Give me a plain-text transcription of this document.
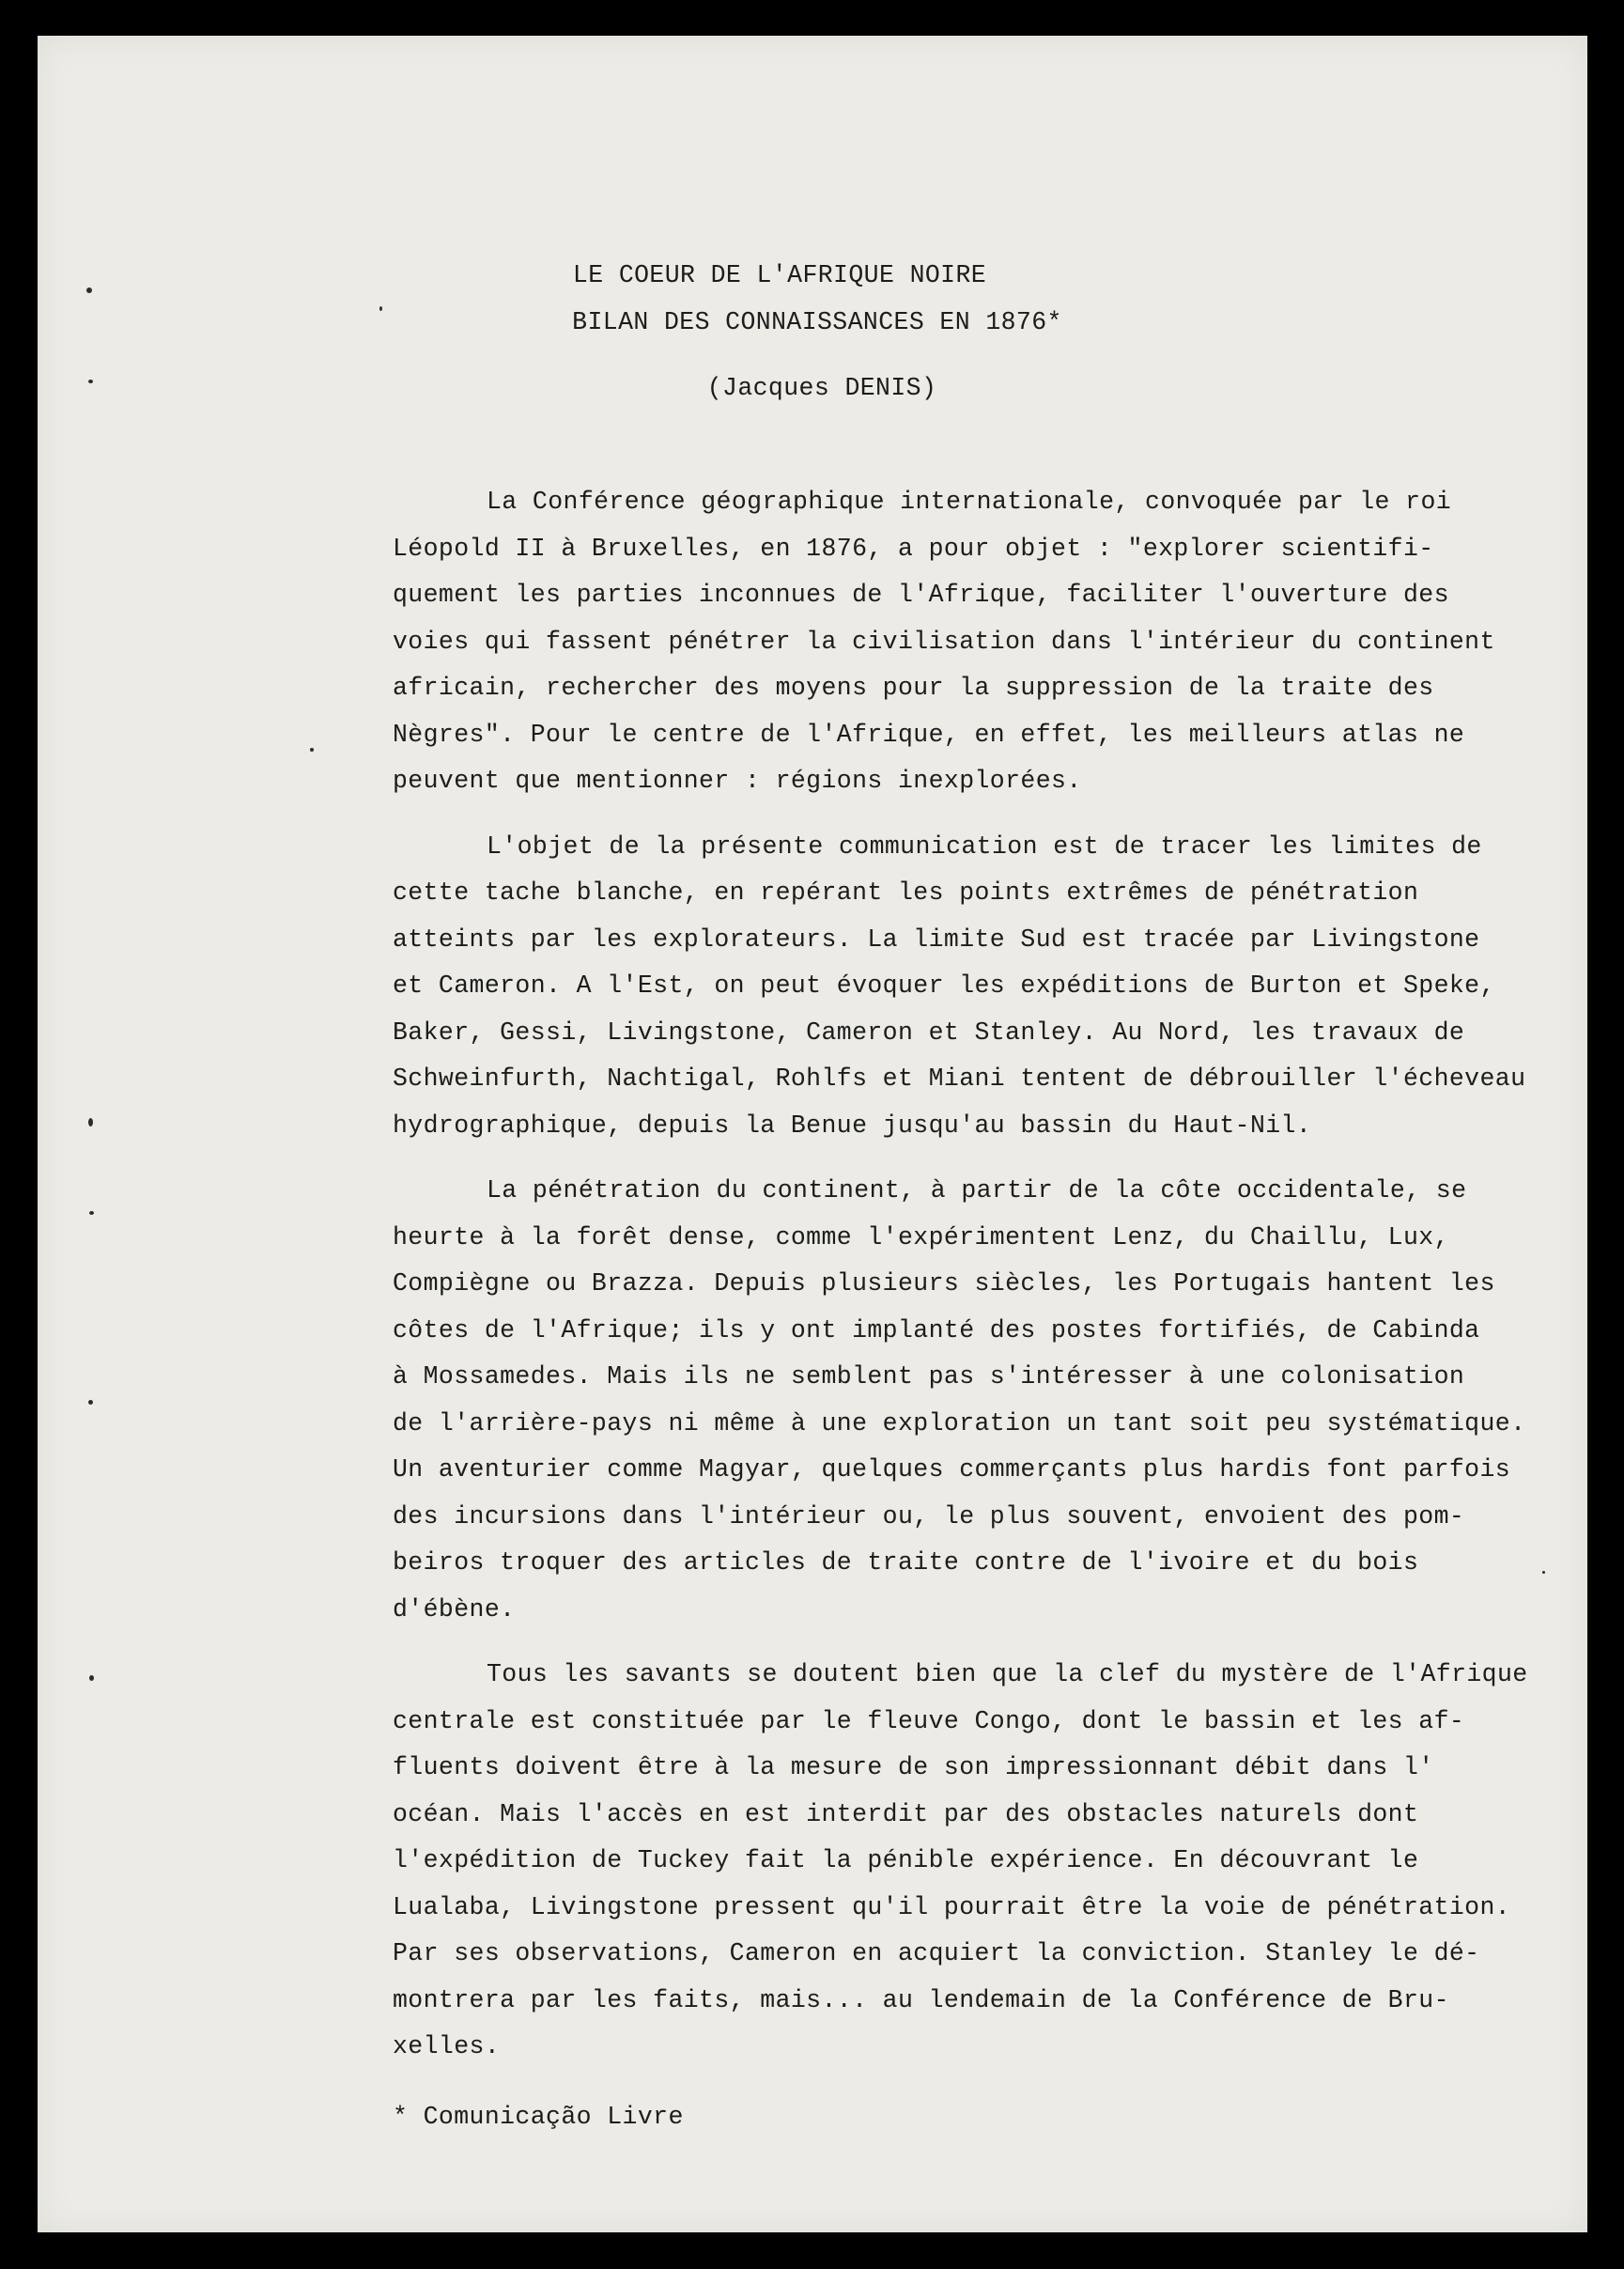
LE COEUR DE L'AFRIQUE NOIRE
BILAN DES CONNAISSANCES EN 1876*
(Jacques DENIS)
La Conférence géographique internationale, convoquée par le roi
Léopold II à Bruxelles, en 1876, a pour objet : "explorer scientifi-
quement les parties inconnues de l'Afrique, faciliter l'ouverture des
voies qui fassent pénétrer la civilisation dans l'intérieur du continent
africain, rechercher des moyens pour la suppression de la traite des
Nègres". Pour le centre de l'Afrique, en effet, les meilleurs atlas ne
peuvent que mentionner : régions inexplorées.
L'objet de la présente communication est de tracer les limites de
cette tache blanche, en repérant les points extrêmes de pénétration
atteints par les explorateurs. La limite Sud est tracée par Livingstone
et Cameron. A l'Est, on peut évoquer les expéditions de Burton et Speke,
Baker, Gessi, Livingstone, Cameron et Stanley. Au Nord, les travaux de
Schweinfurth, Nachtigal, Rohlfs et Miani tentent de débrouiller l'écheveau
hydrographique, depuis la Benue jusqu'au bassin du Haut-Nil.
La pénétration du continent, à partir de la côte occidentale, se
heurte à la forêt dense, comme l'expérimentent Lenz, du Chaillu, Lux,
Compiègne ou Brazza. Depuis plusieurs siècles, les Portugais hantent les
côtes de l'Afrique; ils y ont implanté des postes fortifiés, de Cabinda
à Mossamedes. Mais ils ne semblent pas s'intéresser à une colonisation
de l'arrière-pays ni même à une exploration un tant soit peu systématique.
Un aventurier comme Magyar, quelques commerçants plus hardis font parfois
des incursions dans l'intérieur ou, le plus souvent, envoient des pom-
beiros troquer des articles de traite contre de l'ivoire et du bois
d'ébène.
Tous les savants se doutent bien que la clef du mystère de l'Afrique
centrale est constituée par le fleuve Congo, dont le bassin et les af-
fluents doivent être à la mesure de son impressionnant débit dans l'
océan. Mais l'accès en est interdit par des obstacles naturels dont
l'expédition de Tuckey fait la pénible expérience. En découvrant le
Lualaba, Livingstone pressent qu'il pourrait être la voie de pénétration.
Par ses observations, Cameron en acquiert la conviction. Stanley le dé-
montrera par les faits, mais... au lendemain de la Conférence de Bru-
xelles.
* Comunicação Livre
